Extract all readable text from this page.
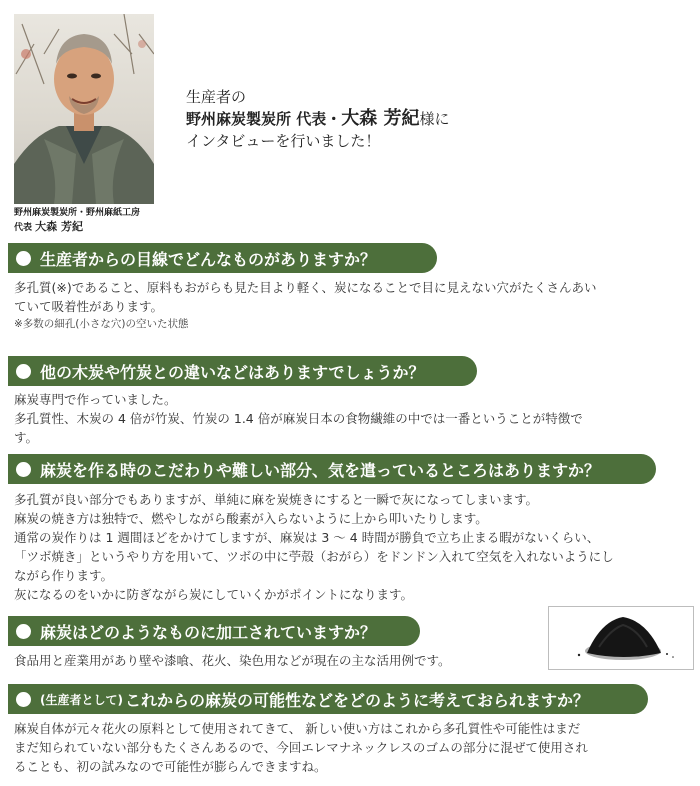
野州麻炭製炭所・野州麻紙工房
代表 大森 芳紀
生産者の
野州麻炭製炭所 代表・大森 芳紀様に
インタビューを行いました！
生産者からの目線でどんなものがありますか？

多孔質(※)であること、原料もおがらも見た目より軽く、炭になることで目に見えない穴がたくさんあい

ていて吸着性があります。

※多数の細孔(小さな穴)の空いた状態

他の木炭や竹炭との違いなどはありますでしょうか？

麻炭専門で作っていました。

多孔質性、木炭の 4 倍が竹炭、竹炭の 1.4 倍が麻炭日本の食物繊維の中では一番ということが特徴で

す。

麻炭を作る時のこだわりや難しい部分、気を遣っているところはありますか？

多孔質が良い部分でもありますが、単純に麻を炭焼きにすると一瞬で灰になってしまいます。

麻炭の焼き方は独特で、燃やしながら酸素が入らないように上から叩いたりします。

通常の炭作りは 1 週間ほどをかけてしますが、麻炭は 3 ～ 4 時間が勝負で立ち止まる暇がないくらい、

「ツボ焼き」というやり方を用いて、ツボの中に苧殻（おがら）をドンドン入れて空気を入れないようにし

ながら作ります。

灰になるのをいかに防ぎながら炭にしていくかがポイントになります。

麻炭はどのようなものに加工されていますか？

食品用と産業用があり壁や漆喰、花火、染色用などが現在の主な活用例です。

(生産者として) これからの麻炭の可能性などをどのように考えておられますか？

麻炭自体が元々花火の原料として使用されてきて、 新しい使い方はこれから多孔質性や可能性はまだ

まだ知られていない部分もたくさんあるので、今回エレマナネックレスのゴムの部分に混ぜて使用され

ることも、初の試みなので可能性が膨らんできますね。
